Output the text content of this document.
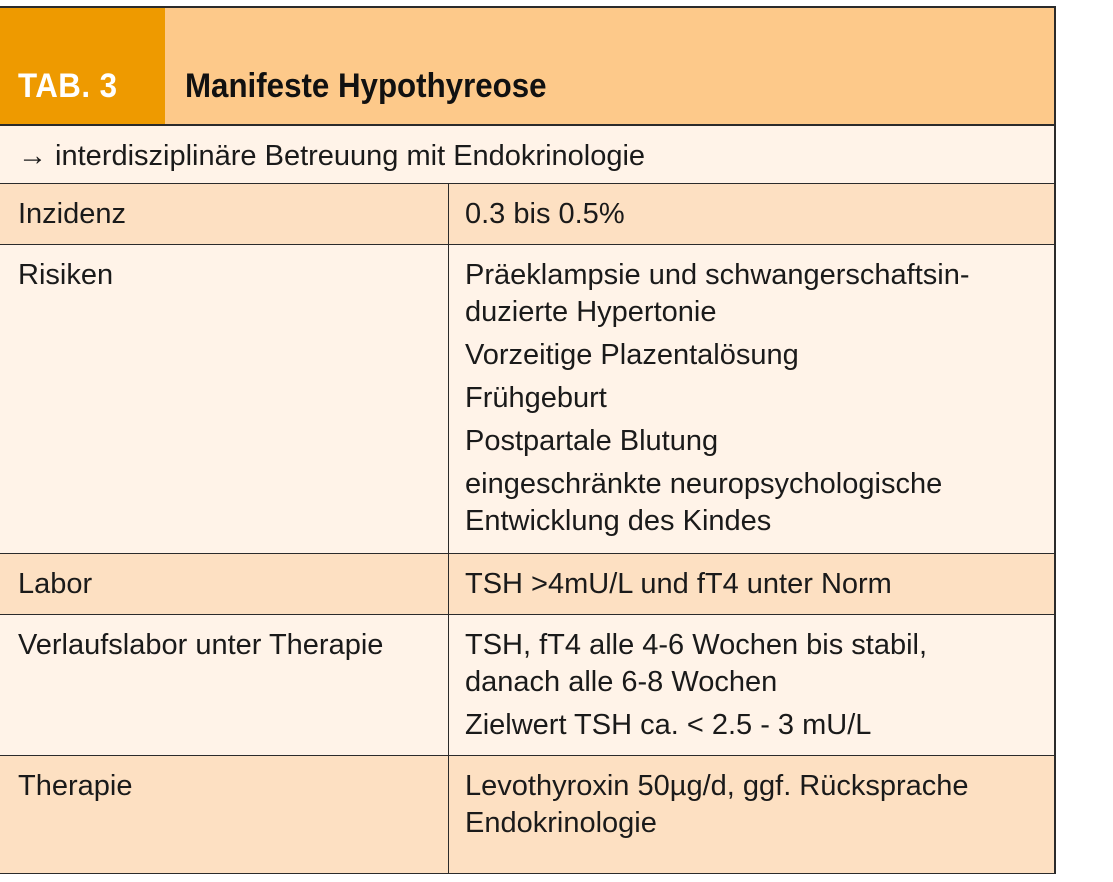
TAB. 3 Manifeste Hypothyreose
→ interdisziplinäre Betreuung mit Endokrinologie
Inzidenz	0.3 bis 0.5%
Risiken	Präeklampsie und schwangerschaftsin-
duzierte Hypertonie
Vorzeitige Plazentalösung
Frühgeburt
Postpartale Blutung
eingeschränkte neuropsychologische
Entwicklung des Kindes
Labor	TSH >4mU/L und fT4 unter Norm
Verlaufslabor unter Therapie	TSH, fT4 alle 4-6 Wochen bis stabil,
danach alle 6-8 Wochen
Zielwert TSH ca. < 2.5 - 3 mU/L
Therapie	Levothyroxin 50µg/d, ggf. Rücksprache
Endokrinologie
